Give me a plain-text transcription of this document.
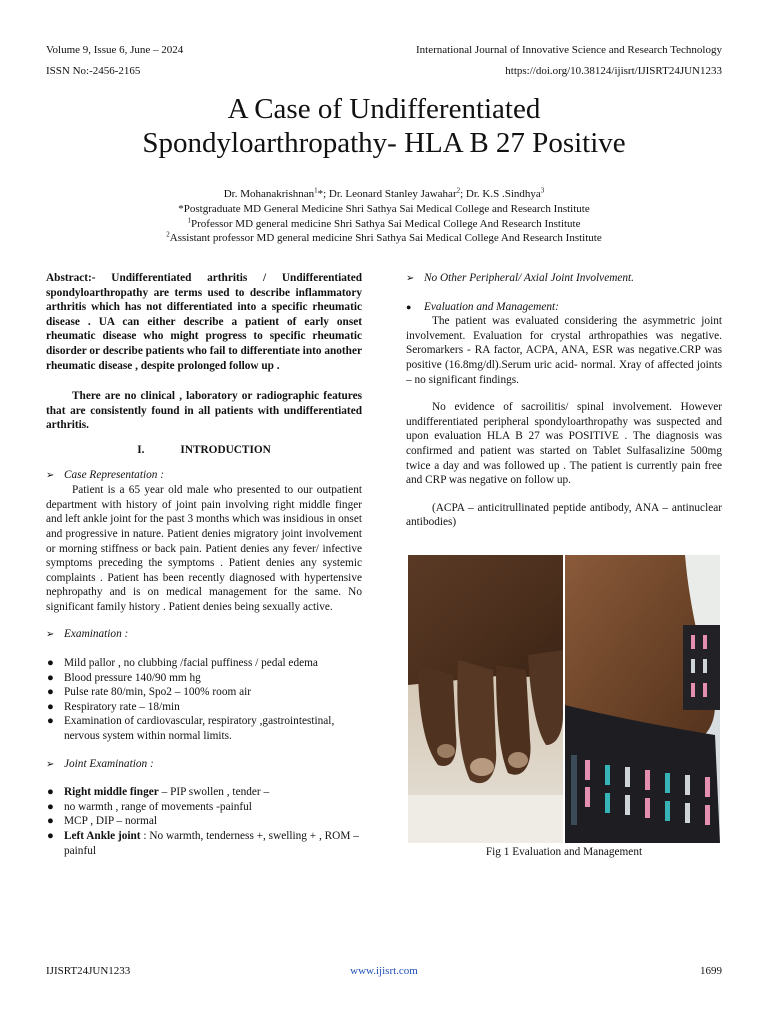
Volume 9, Issue 6, June – 2024
ISSN No:-2456-2165
International Journal of Innovative Science and Research Technology
https://doi.org/10.38124/ijisrt/IJISRT24JUN1233
A Case of Undifferentiated
Spondyloarthropathy- HLA B 27 Positive
Dr. Mohanakrishnan$^1$*; Dr. Leonard Stanley Jawahar$^2$; Dr. K.S .Sindhya$^3$
*Postgraduate MD General Medicine Shri Sathya Sai Medical College and Research Institute
$^1$Professor MD general medicine Shri Sathya Sai Medical College And Research Institute
$^2$Assistant professor MD general medicine Shri Sathya Sai Medical College And Research Institute

Abstract:- Undifferentiated arthritis / Undifferentiated spondyloarthropathy are terms used to describe inflammatory arthritis which has not differentiated into a specific rheumatic disease . UA can either describe a patient of early onset rheumatic disease who might progress to specific rheumatic disorder or describe patients who fail to differentiate into another rheumatic disease , despite prolonged follow up .

There are no clinical , laboratory or radiographic features that are consistently found in all patients with undifferentiated arthritis.

I.	INTRODUCTION

➢ Case Representation :

Patient is a 65 year old male who presented to our outpatient department with history of joint pain involving right middle finger and left ankle joint for the past 3 months which was insidious in onset and progressive in nature. Patient denies migratory joint involvement or morning stiffness or back pain. Patient denies any fever/ infective symptoms preceding the symptoms . Patient denies any systemic complaints . Patient has been recently diagnosed with hypertensive nephropathy and is on medical management for the same. No significant family history . Patient denies being sexually active.

➢ Examination :
● Mild pallor , no clubbing /facial puffiness / pedal edema
● Blood pressure 140/90 mm hg
● Pulse rate 80/min, Spo2 – 100% room air
● Respiratory rate – 18/min
● Examination of cardiovascular, respiratory ,gastrointestinal, nervous system within normal limits.
➢ Joint Examination :
● Right middle finger – PIP swollen , tender –
● no warmth , range of movements -painful
● MCP , DIP – normal
● Left Ankle joint : No warmth, tenderness +, swelling + , ROM – painful
➢ No Other Peripheral/ Axial Joint Involvement.
●	Evaluation and Management:

The patient was evaluated considering the asymmetric joint involvement. Evaluation for crystal arthropathies was negative. Seromarkers - RA factor, ACPA, ANA, ESR was negative.CRP was positive (16.8mg/dl).Serum uric acid- normal. Xray of affected joints – no significant findings.

No evidence of sacroilitis/ spinal involvement. However undifferentiated peripheral spondyloarthropathy was suspected and upon evaluation HLA B 27 was POSITIVE . The diagnosis was confirmed and patient was started on Tablet Sulfasalizine 500mg twice a day and was followed up . The patient is currently pain free and CRP was negative on follow up.

(ACPA – anticitrullinated peptide antibody, ANA – antinuclear antibodies)

Fig 1 Evaluation and Management
IJISRT24JUN1233	www.ijisrt.com	1699
